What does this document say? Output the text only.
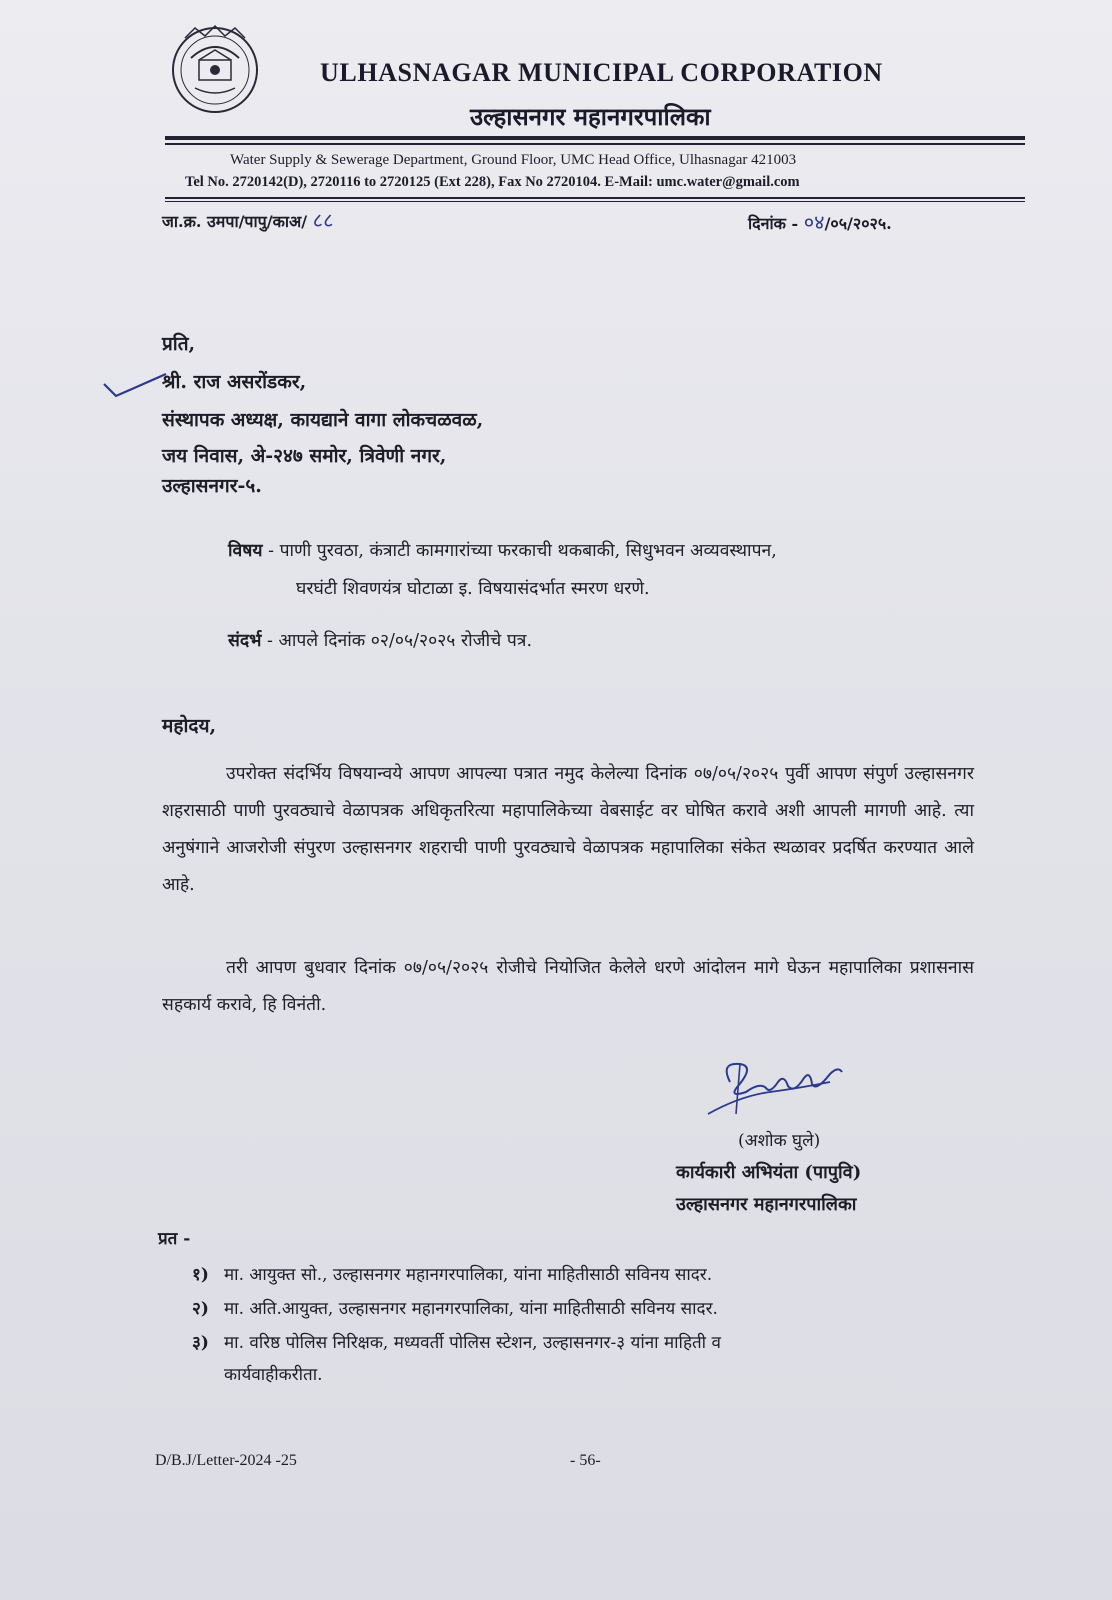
ULHASNAGAR MUNICIPAL CORPORATION
उल्हासनगर महानगरपालिका
Water Supply & Sewerage Department, Ground Floor, UMC Head Office, Ulhasnagar 421003
Tel No. 2720142(D), 2720116 to 2720125 (Ext 228), Fax No 2720104. E-Mail: umc.water@gmail.com
जा.क्र. उमपा/पापु/काअ/ ८८	दिनांक - ०४/०५/२०२५.
प्रति,
श्री. राज असरोंडकर,
संस्थापक अध्यक्ष, कायद्याने वागा लोकचळवळ,
जय निवास, अे-२४७ समोर, त्रिवेणी नगर,
उल्हासनगर-५.
विषय - पाणी पुरवठा, कंत्राटी कामगारांच्या फरकाची थकबाकी, सिधुभवन अव्यवस्थापन,
घरघंटी शिवणयंत्र घोटाळा इ. विषयासंदर्भात स्मरण धरणे.
संदर्भ - आपले दिनांक ०२/०५/२०२५ रोजीचे पत्र.
महोदय,
उपरोक्त संदर्भिय विषयान्वये आपण आपल्या पत्रात नमुद केलेल्या दिनांक ०७/०५/२०२५ पुर्वी आपण संपुर्ण उल्हासनगर शहरासाठी पाणी पुरवठ्याचे वेळापत्रक अधिकृतरित्या महापालिकेच्या वेबसाईट वर घोषित करावे अशी आपली मागणी आहे. त्या अनुषंगाने आजरोजी संपुरण उल्हासनगर शहराची पाणी पुरवठ्याचे वेळापत्रक महापालिका संकेत स्थळावर प्रदर्षित करण्यात आले आहे.
तरी आपण बुधवार दिनांक ०७/०५/२०२५ रोजीचे नियोजित केलेले धरणे आंदोलन मागे घेऊन महापालिका प्रशासनास सहकार्य करावे, हि विनंती.
(अशोक घुले)
कार्यकारी अभियंता (पापुवि)
उल्हासनगर महानगरपालिका
प्रत -
१) मा. आयुक्त सो., उल्हासनगर महानगरपालिका, यांना माहितीसाठी सविनय सादर.
२) मा. अति.आयुक्त, उल्हासनगर महानगरपालिका, यांना माहितीसाठी सविनय सादर.
३) मा. वरिष्ठ पोलिस निरिक्षक, मध्यवर्ती पोलिस स्टेशन, उल्हासनगर-३ यांना माहिती व
कार्यवाहीकरीता.
D/B.J/Letter-2024 -25	- 56-
